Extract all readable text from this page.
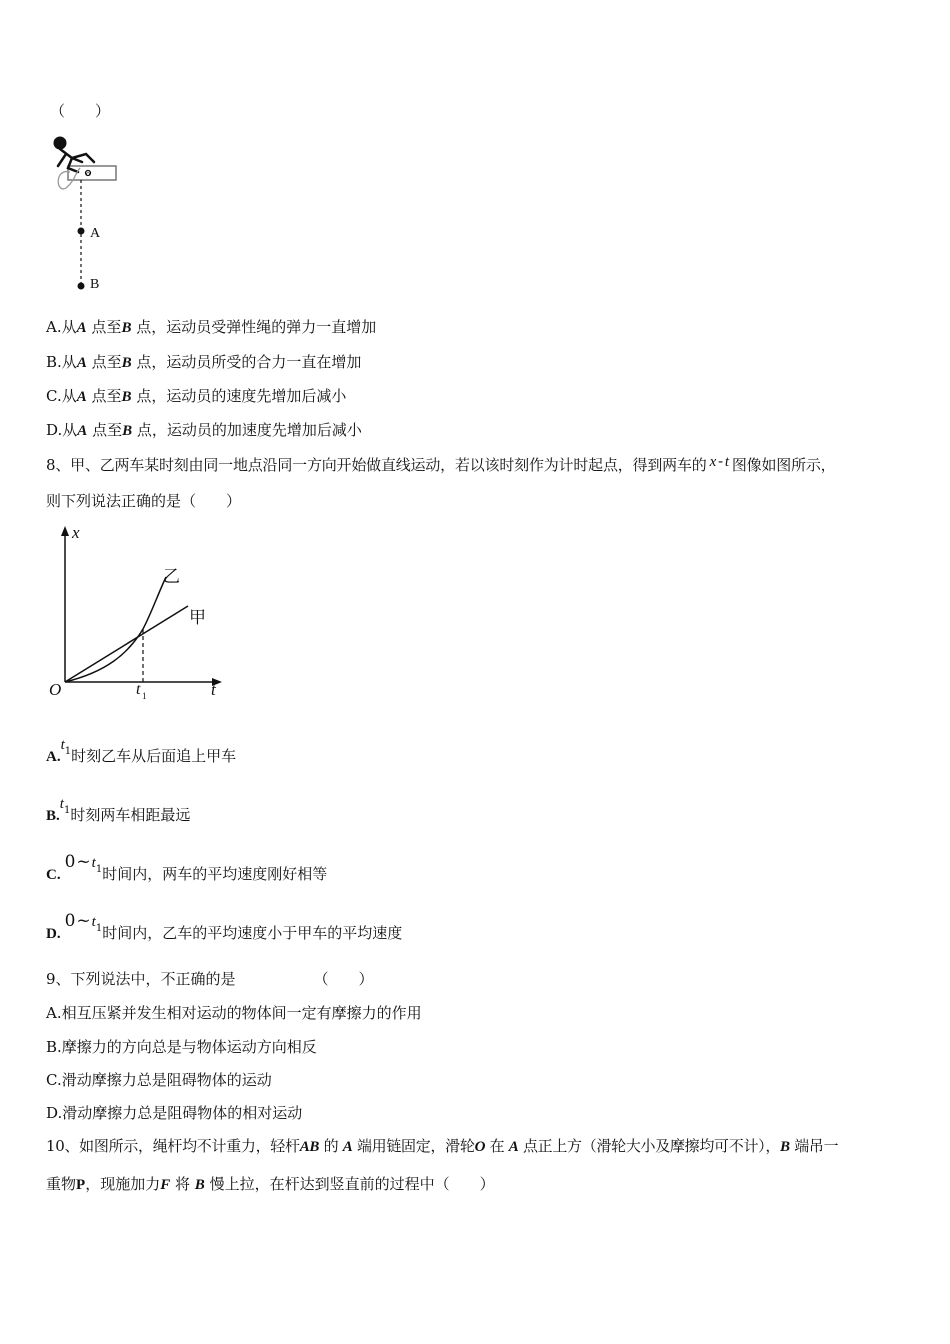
（　　）
o
A
B
A.从A 点至B 点，运动员受弹性绳的弹力一直增加
B.从A 点至B 点，运动员所受的合力一直在增加
C.从A 点至B 点，运动员的速度先增加后减小
D.从A 点至B 点，运动员的加速度先增加后减小
8、甲、乙两车某时刻由同一地点沿同一方向开始做直线运动，若以该时刻作为计时起点，得到两车的 x - t 图像如图所示，
则下列说法正确的是（　　）
x
t
O	t 1
乙
甲
$A.t^1$时刻乙车从后面追上甲车
$B.t^1$时刻两车相距最远
$C.0\sim t^1$时间内，两车的平均速度刚好相等
$D.0\sim t^1$时间内，乙车的平均速度小于甲车的平均速度
9、下列说法中，不正确的是	（　　）
A.相互压紧并发生相对运动的物体间一定有摩擦力的作用
B.摩擦力的方向总是与物体运动方向相反
C.滑动摩擦力总是阻碍物体的运动
D.滑动摩擦力总是阻碍物体的相对运动
10、如图所示，绳杆均不计重力，轻杆AB 的 A 端用链固定，滑轮O 在 A 点正上方（滑轮大小及摩擦均可不计），B 端吊一
重物P，现施加力F 将 B 慢上拉，在杆达到竖直前的过程中（　　）
